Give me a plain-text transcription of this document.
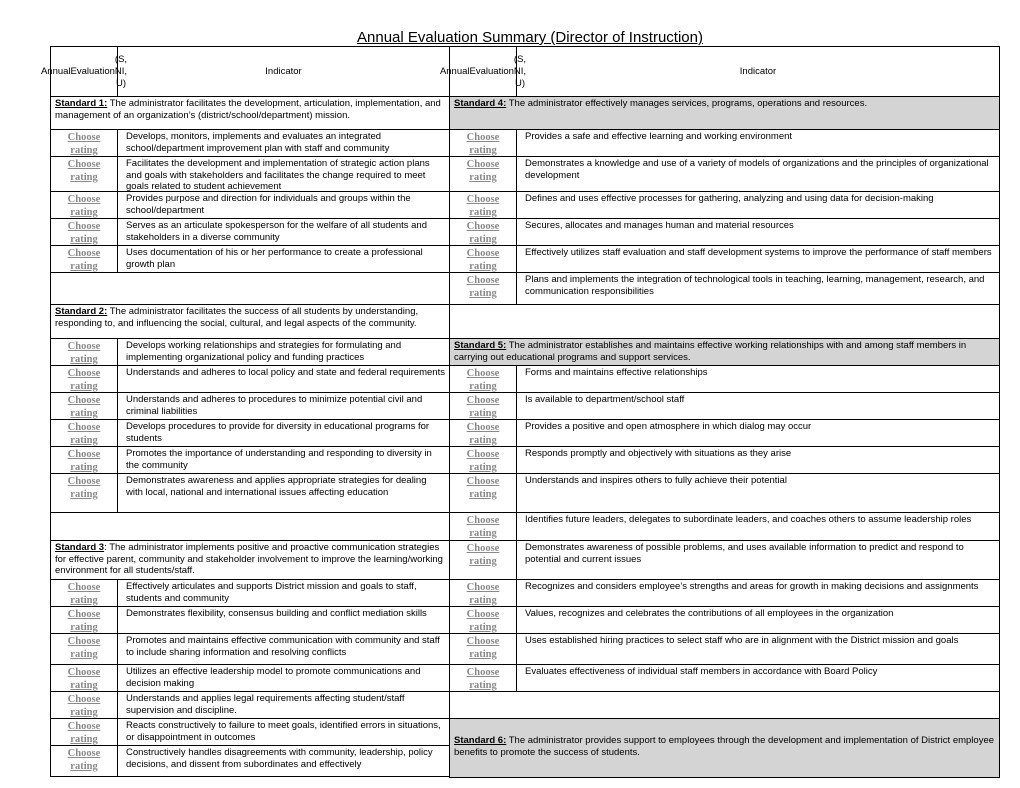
Annual Evaluation Summary (Director of Instruction)
Annual Evaluation
(S, NI, U)
Indicator
Standard 1: The administrator facilitates the development, articulation, implementation, and management of an organization’s (district/school/department) mission.
Choose
rating
Develops, monitors, implements and evaluates an integrated school/department improvement plan with staff and community
Choose
rating
Facilitates the development and implementation of strategic action plans and goals with stakeholders and facilitates the change required to meet goals related to student achievement
Choose
rating
Provides purpose and direction for individuals and groups within the school/department
Choose
rating
Serves as an articulate spokesperson for the welfare of all students and stakeholders in a diverse community
Choose
rating
Uses documentation of his or her performance to create a professional growth plan
Standard 2: The administrator facilitates the success of all students by understanding, responding to, and influencing the social, cultural, and legal aspects of the community.
Choose
rating
Develops working relationships and strategies for formulating and implementing organizational policy and funding practices
Choose
rating
Understands and adheres to local policy and state and federal requirements
Choose
rating
Understands and adheres to procedures to minimize potential civil and criminal liabilities
Choose
rating
Develops procedures to provide for diversity in educational programs for students
Choose
rating
Promotes the importance of understanding and responding to diversity in the community
Choose
rating
Demonstrates awareness and applies appropriate strategies for dealing with local, national and international issues affecting education
Standard 3: The administrator implements positive and proactive communication strategies for effective parent, community and stakeholder involvement to improve the learning/working environment for all students/staff.
Choose
rating
Effectively articulates and supports District mission and goals to staff, students and community
Choose
rating
Demonstrates flexibility, consensus building and conflict mediation skills
Choose
rating
Promotes and maintains effective communication with community and staff to include sharing information and resolving conflicts
Choose
rating
Utilizes an effective leadership model to promote communications and decision making
Choose
rating
Understands and applies legal requirements affecting student/staff supervision and discipline.
Choose
rating
Reacts constructively to failure to meet goals, identified errors in situations, or disappointment in outcomes
Choose
rating
Constructively handles disagreements with community, leadership, policy decisions, and dissent from subordinates and effectively
Annual Evaluatio n
(S, NI, U)
Indicator
Standard 4: The administrator effectively manages services, programs, operations and resources.
Choose
rating
Provides a safe and effective learning and working environment
Choose
rating
Demonstrates a knowledge and use of a variety of models of organizations and the principles of organizational development
Choose
rating
Defines and uses effective processes for gathering, analyzing and using data for decision-making
Choose
rating
Secures, allocates and manages human and material resources
Choose
rating
Effectively utilizes staff evaluation and staff development systems to improve the performance of staff members
Choose
rating
Plans and implements the integration of technological tools in teaching, learning, management, research, and communication responsibilities
Standard 5: The administrator establishes and maintains effective working relationships with and among staff members in carrying out educational programs and support services.
Choose
rating
Forms and maintains effective relationships
Choose
rating
Is available to department/school staff
Choose
rating
Provides a positive and open atmosphere in which dialog may occur
Choose
rating
Responds promptly and objectively with situations as they arise
Choose
rating
Understands and inspires others to fully achieve their potential
Choose
rating
Identifies future leaders, delegates to subordinate leaders, and coaches others to assume leadership roles
Choose
rating
Demonstrates awareness of possible problems, and uses available information to predict and respond to potential and current issues
Choose
rating
Recognizes and considers employee’s strengths and areas for growth in making decisions and assignments
Choose
rating
Values, recognizes and celebrates the contributions of all employees in the organization
Choose
rating
Uses established hiring practices to select staff who are in alignment with the District mission and goals
Choose
rating
Evaluates effectiveness of individual staff members in accordance with Board Policy
Standard 6: The administrator provides support to employees through the development and implementation of District employee benefits to promote the success of students.
